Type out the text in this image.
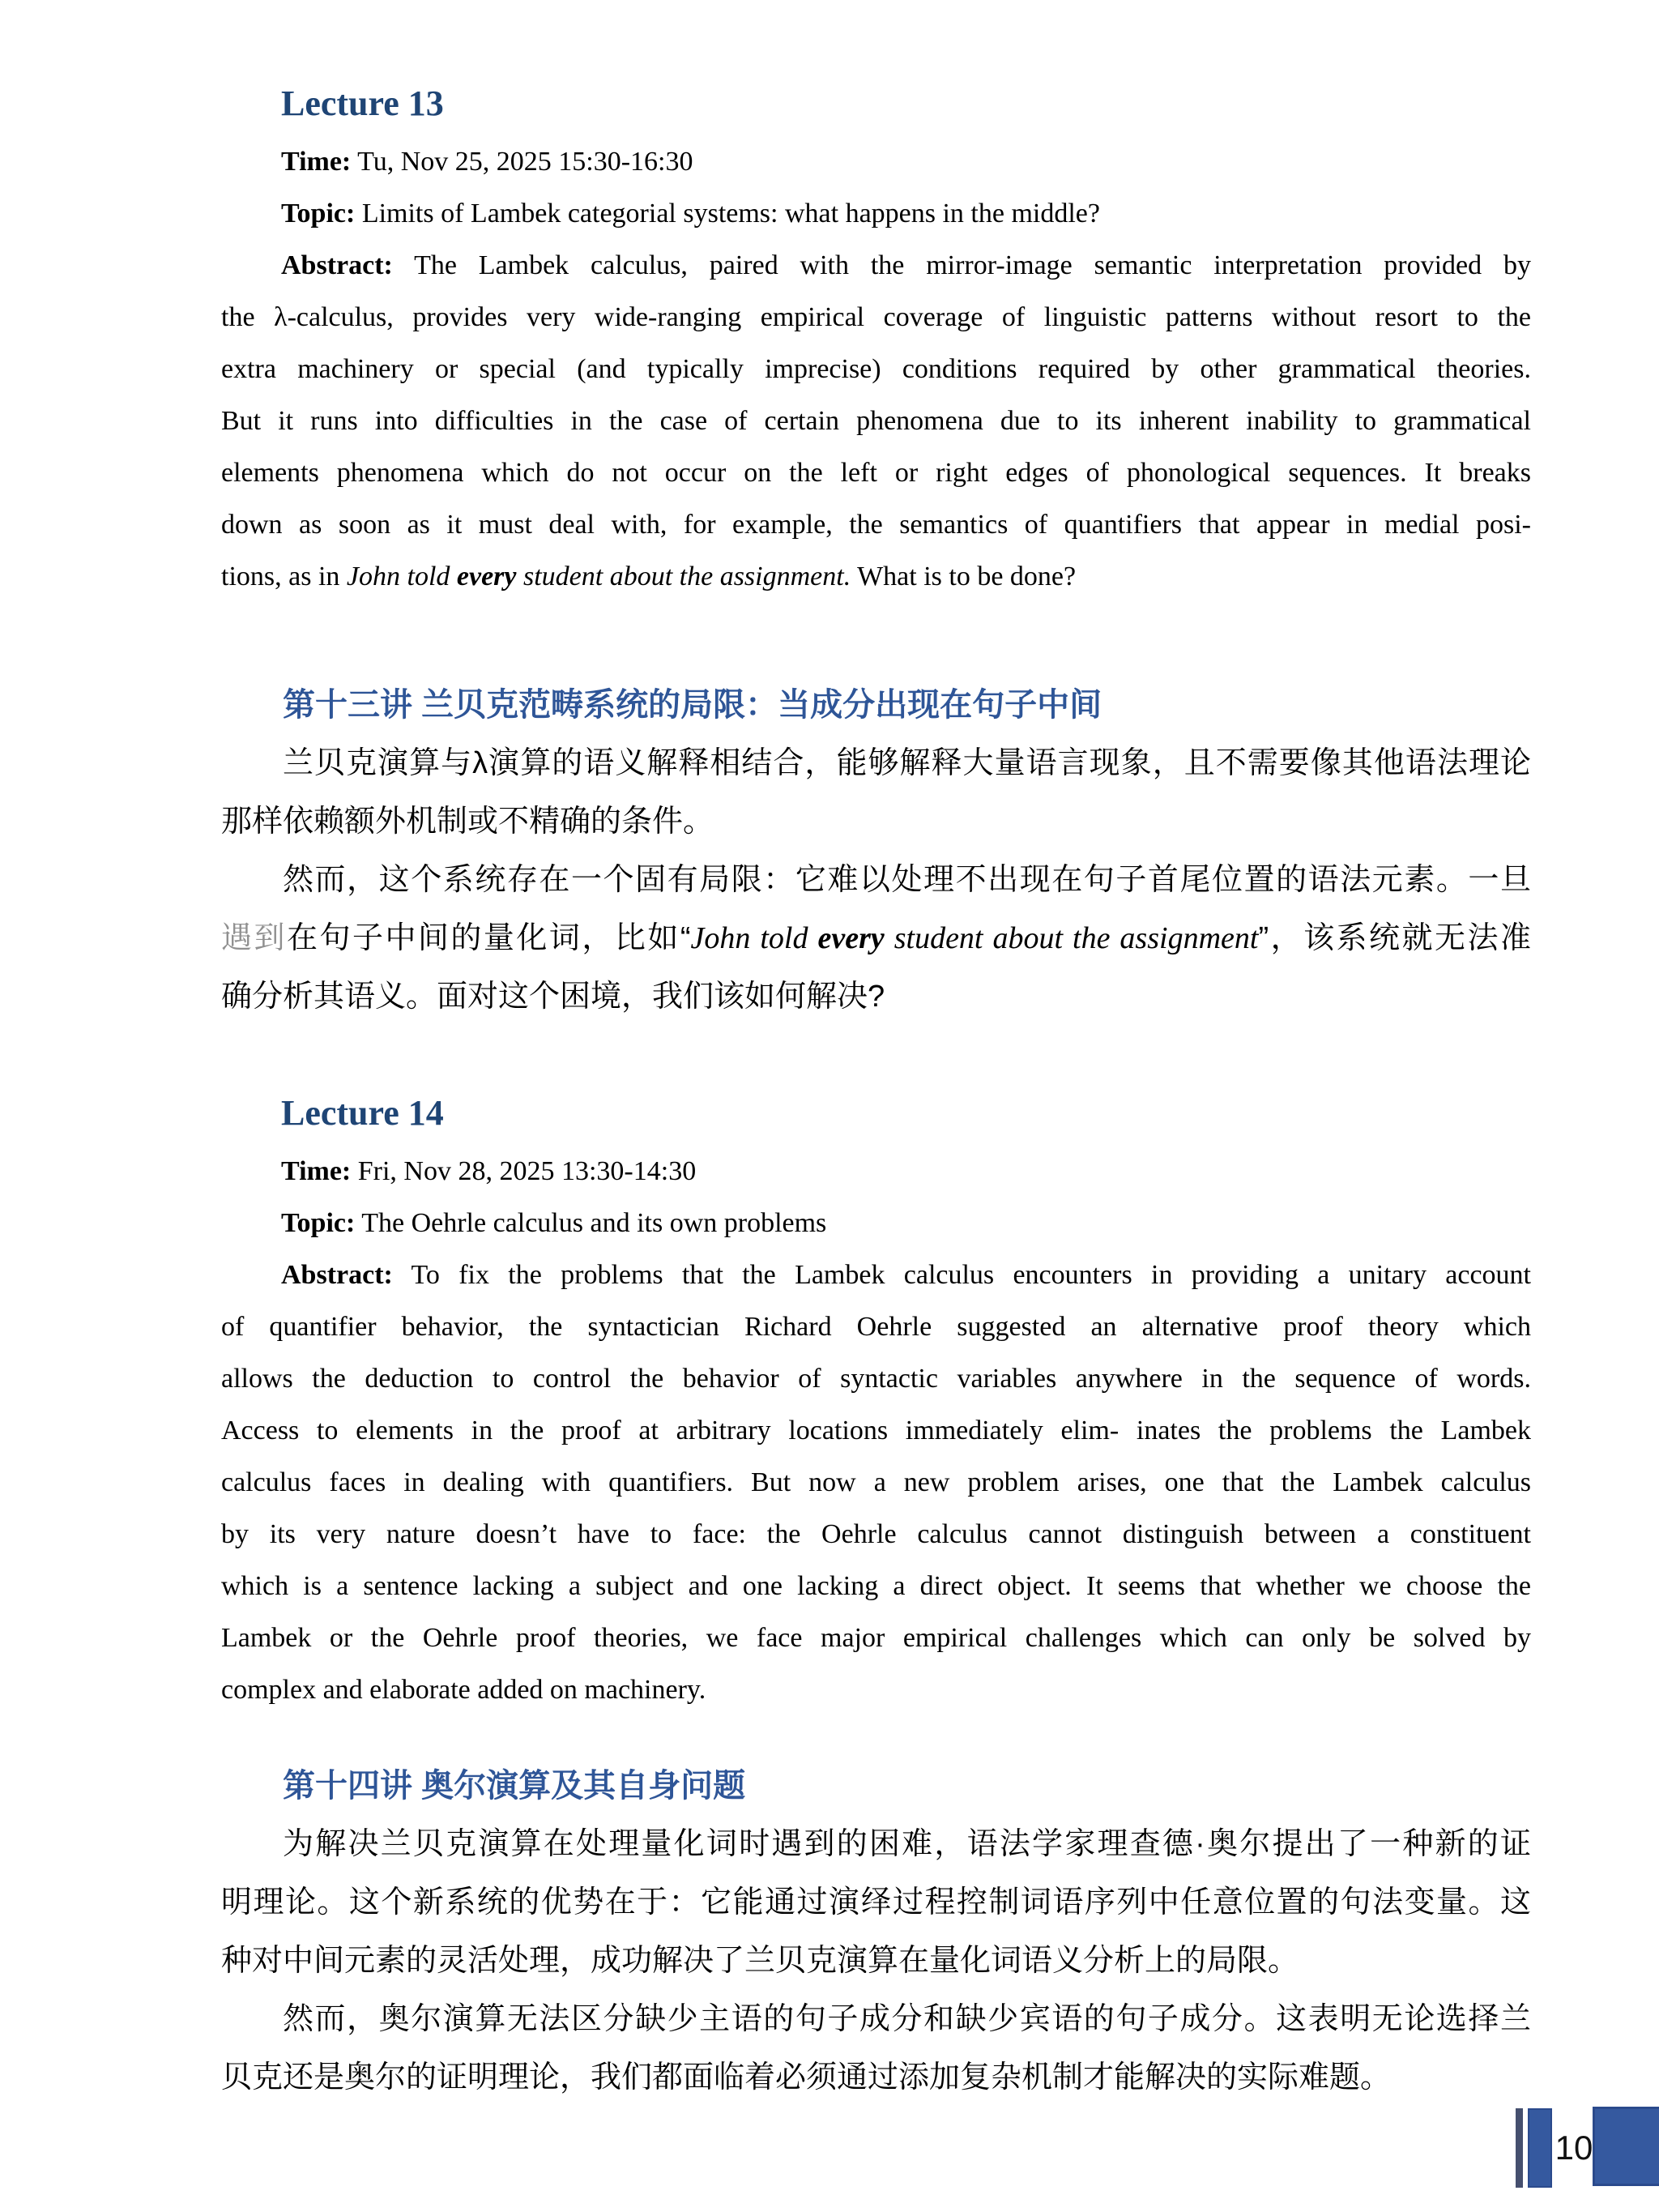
Lecture 13
Time: Tu, Nov 25, 2025 15:30-16:30
Topic: Limits of Lambek categorial systems: what happens in the middle?
Abstract: The Lambek calculus, paired with the mirror-image semantic interpretation provided by
the λ-calculus, provides very wide-ranging empirical coverage of linguistic patterns without resort to the
extra machinery or special (and typically imprecise) conditions required by other grammatical theories.
But it runs into difficulties in the case of certain phenomena due to its inherent inability to grammatical
elements phenomena which do not occur on the left or right edges of phonological sequences. It breaks
down as soon as it must deal with, for example, the semantics of quantifiers that appear in medial posi-
tions, as in John told every student about the assignment. What is to be done?
第十三讲 兰贝克范畴系统的局限：当成分出现在句子中间
兰贝克演算与λ演算的语义解释相结合，能够解释大量语言现象，且不需要像其他语法理论
那样依赖额外机制或不精确的条件。
然而，这个系统存在一个固有局限：它难以处理不出现在句子首尾位置的语法元素。一旦
遇到在句子中间的量化词，比如“John told every student about the assignment”，该系统就无法准
确分析其语义。面对这个困境，我们该如何解决?
Lecture 14
Time: Fri, Nov 28, 2025 13:30-14:30
Topic: The Oehrle calculus and its own problems
Abstract: To fix the problems that the Lambek calculus encounters in providing a unitary account
of quantifier behavior, the syntactician Richard Oehrle suggested an alternative proof theory which
allows the deduction to control the behavior of syntactic variables anywhere in the sequence of words.
Access to elements in the proof at arbitrary locations immediately elim- inates the problems the Lambek
calculus faces in dealing with quantifiers. But now a new problem arises, one that the Lambek calculus
by its very nature doesn’t have to face: the Oehrle calculus cannot distinguish between a constituent
which is a sentence lacking a subject and one lacking a direct object. It seems that whether we choose the
Lambek or the Oehrle proof theories, we face major empirical challenges which can only be solved by
complex and elaborate added on machinery.
第十四讲 奥尔演算及其自身问题
为解决兰贝克演算在处理量化词时遇到的困难，语法学家理查德·奥尔提出了一种新的证
明理论。这个新系统的优势在于：它能通过演绎过程控制词语序列中任意位置的句法变量。这
种对中间元素的灵活处理，成功解决了兰贝克演算在量化词语义分析上的局限。
然而，奥尔演算无法区分缺少主语的句子成分和缺少宾语的句子成分。这表明无论选择兰
贝克还是奥尔的证明理论，我们都面临着必须通过添加复杂机制才能解决的实际难题。
10
